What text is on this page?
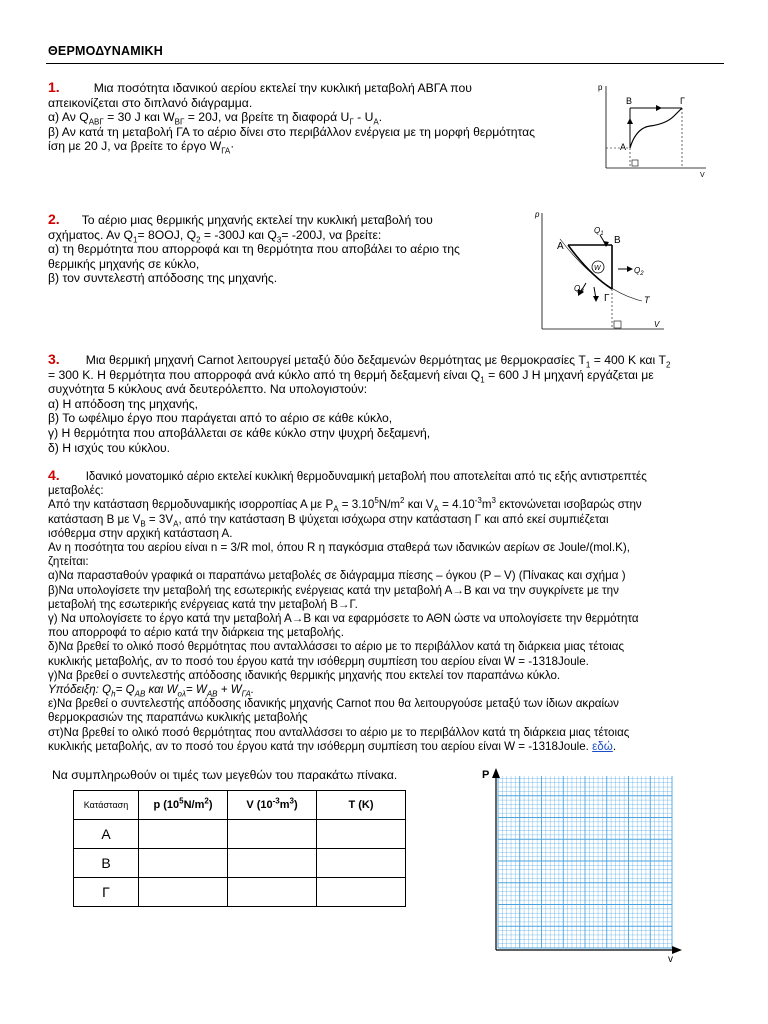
ΘΕΡΜΟΔΥΝΑΜΙΚΗ

1.	Μια ποσότητα ιδανικού αερίου εκτελεί την κυκλική μεταβολή ΑΒΓΑ που

απεικονίζεται στο διπλανό διάγραμμα.

α) Αν $Q_{AB\Gamma} = 30$ J και $W_{B\Gamma} = 20J$, να βρείτε τη διαφορά $U_\Gamma - U_A$.

β) Αν κατά τη μεταβολή ΓΑ το αέριο δίνει στο περιβάλλον ενέργεια με τη μορφή θερμότητας

ίση με 20 J, να βρείτε το έργο $W_{\Gamma A}\cdot$

p
V
Α
Β	Γ

2. Το αέριο μιας θερμικής μηχανής εκτελεί την κυκλική μεταβολή του

σχήματος. Αν $Q_1= 8OOJ$, $Q_2 = -300J$ και $Q_3= -200J$, να βρείτε:

α) τη θερμότητα που απορροφά και τη θερμότητα που αποβάλει το αέριο της

θερμικής μηχανής σε κύκλο,

β) τον συντελεστή απόδοσης της μηχανής.

p
V
W
Α
Β
Γ	T
$Q_1$
$Q_2$
$Q_3$

3. Μια θερμική μηχανή Carnot λειτουργεί μεταξύ δύο δεξαμενών θερμότητας με θερμοκρασίες $T_1 = 400$ K και $T_2$

= 300 K. Η θερμότητα που απορροφά ανά κύκλο από τη θερμή δεξαμενή είναι $Q_1 = 600$ J Η μηχανή εργάζεται με

συχνότητα 5 κύκλους ανά δευτερόλεπτο. Να υπολογιστούν:

α) Η απόδοση της μηχανής,

β) Το ωφέλιμο έργο που παράγεται από το αέριο σε κάθε κύκλο,

γ) Η θερμότητα που αποβάλλεται σε κάθε κύκλο στην ψυχρή δεξαμενή,

δ) Η ισχύς του κύκλου.

4. Ιδανικό μονατομικό αέριο εκτελεί κυκλική θερμοδυναμική μεταβολή που αποτελείται από τις εξής αντιστρεπτές

μεταβολές:

Από την κατάσταση θερμοδυναμικής ισορροπίας Α με $P_A = 3.10^5N/m^2$ και $V_A = 4.10^{-3}m^3$ εκτονώνεται ισοβαρώς στην

κατάσταση Β με $V_B = 3V_A$, από την κατάσταση Β ψύχεται ισόχωρα στην κατάσταση Γ και από εκεί συμπιέζεται

ισόθερμα στην αρχική κατάσταση Α.

Αν η ποσότητα του αερίου είναι n = 3/R mol, όπου R η παγκόσμια σταθερά των ιδανικών αερίων σε Joule/(mol.K),

ζητείται:

α)Να παρασταθούν γραφικά οι παραπάνω μεταβολές σε διάγραμμα πίεσης – όγκου (P – V) (Πίνακας και σχήμα )

β)Να υπολογίσετε την μεταβολή της εσωτερικής ενέργειας κατά την μεταβολή Α→Β και να την συγκρίνετε με την

μεταβολή της εσωτερικής ενέργειας κατά την μεταβολή Β→Γ.

γ) Να υπολογίσετε το έργο κατά την μεταβολή Α→Β και να εφαρμόσετε το ΑΘΝ ώστε να υπολογίσετε την θερμότητα

που απορροφά το αέριο κατά την διάρκεια της μεταβολής.

δ)Να βρεθεί το ολικό ποσό θερμότητας που ανταλλάσσει το αέριο με το περιβάλλον κατά τη διάρκεια μιας τέτοιας

κυκλικής μεταβολής, αν το ποσό του έργου κατά την ισόθερμη συμπίεση του αερίου είναι W = -1318Joule.

γ)Να βρεθεί ο συντελεστής απόδοσης ιδανικής θερμικής μηχανής που εκτελεί τον παραπάνω κύκλο.

Υπόδειξη: $Q_h= Q_{AB}$ και $W_{o\lambda}= W_{AB} + W_{\Gamma A}$.

ε)Να βρεθεί ο συντελεστής απόδοσης ιδανικής μηχανής Carnot που θα λειτουργούσε μεταξύ των ίδιων ακραίων

θερμοκρασιών της παραπάνω κυκλικής μεταβολής

στ)Να βρεθεί το ολικό ποσό θερμότητας που ανταλλάσσει το αέριο με το περιβάλλον κατά τη διάρκεια μιας τέτοιας

κυκλικής μεταβολής, αν το ποσό του έργου κατά την ισόθερμη συμπίεση του αερίου είναι W = -1318Joule. εδώ.

Να συμπληρωθούν οι τιμές των μεγεθών του παρακάτω πίνακα.
Κατάσταση	p $(10^5N/m^2)$	V $(10^{-3}m^3)$	T (K)
Α			
Β			
Γ			
P
v
